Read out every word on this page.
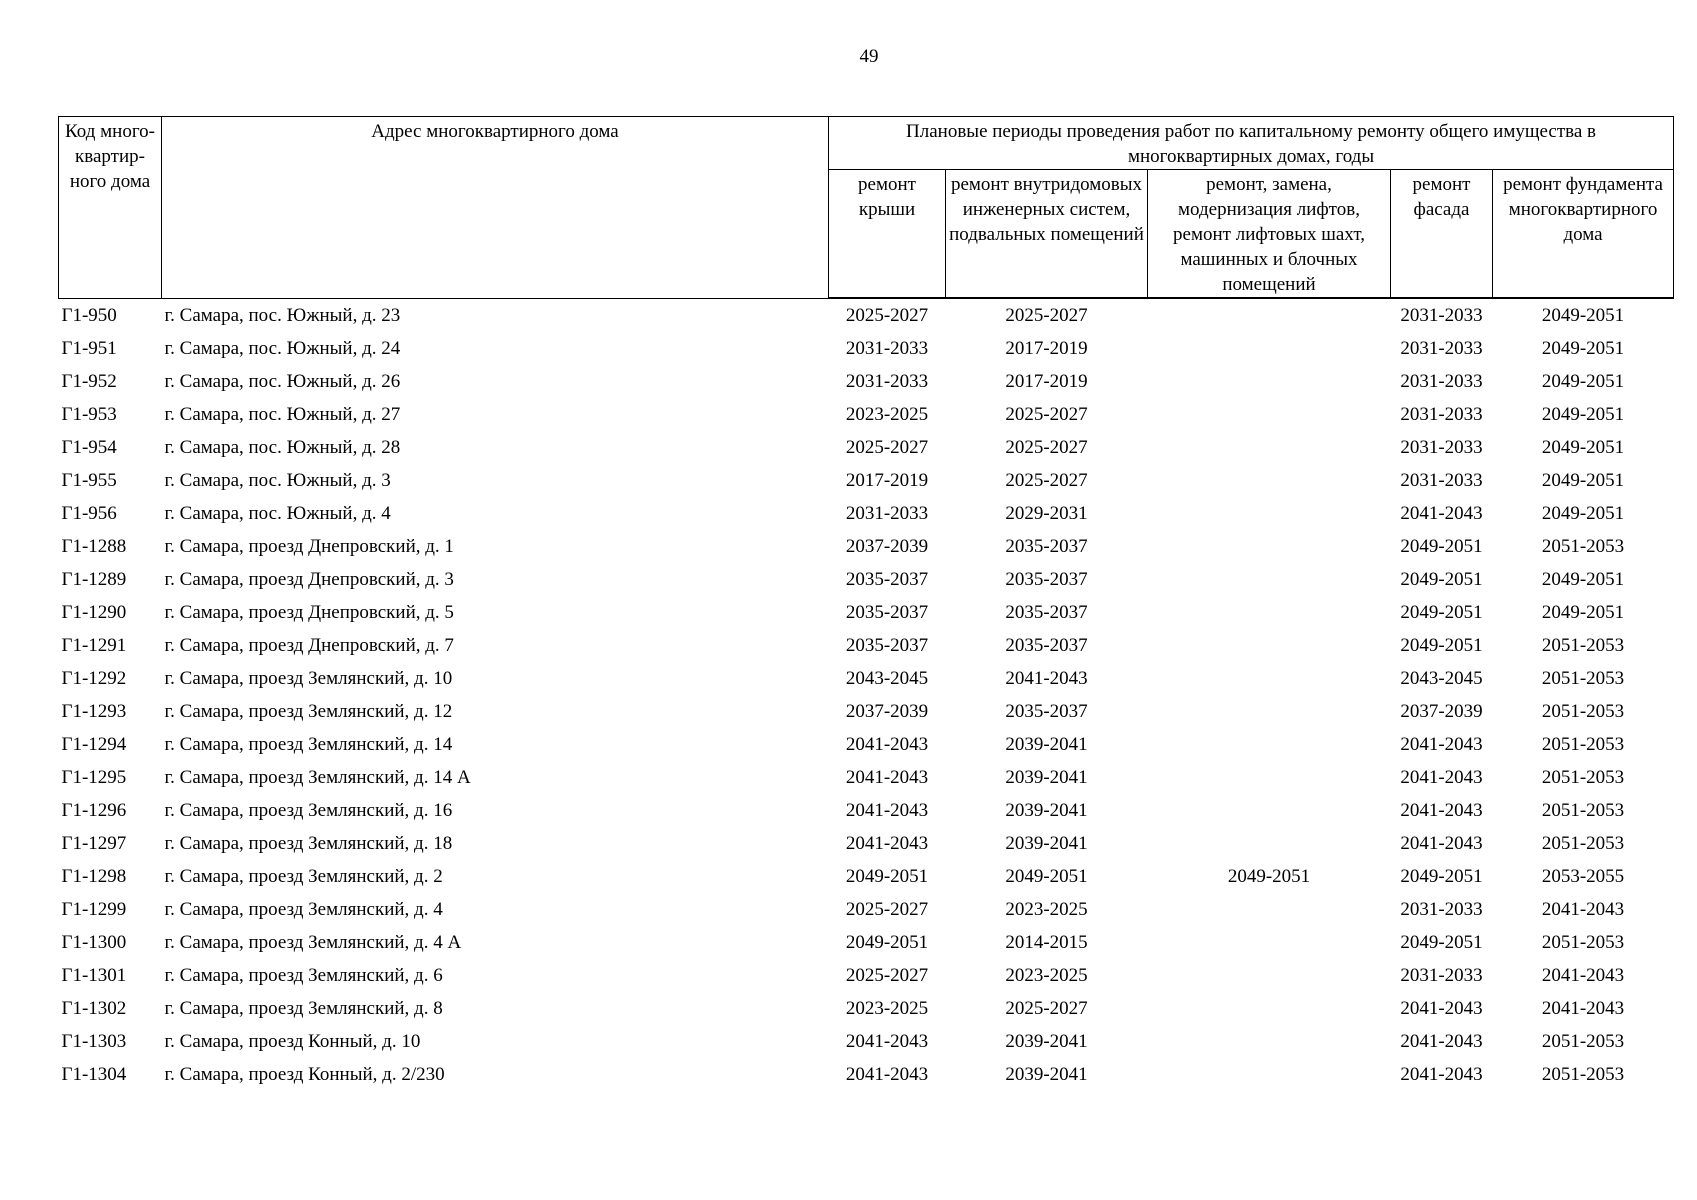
49
Код много-квартир-ного дома	Адрес многоквартирного дома	Плановые периоды проведения работ по капитальному ремонту общего имущества в многоквартирных домах, годы				
		ремонт крыши	ремонт внутридомовых инженерных систем, подвальных помещений	ремонт, замена, модернизация лифтов, ремонт лифтовых шахт, машинных и блочных помещений	ремонт фасада	ремонт фундамента многоквартирного дома
Г1-950	г. Самара, пос. Южный, д. 23	2025-2027	2025-2027		2031-2033	2049-2051
Г1-951	г. Самара, пос. Южный, д. 24	2031-2033	2017-2019		2031-2033	2049-2051
Г1-952	г. Самара, пос. Южный, д. 26	2031-2033	2017-2019		2031-2033	2049-2051
Г1-953	г. Самара, пос. Южный, д. 27	2023-2025	2025-2027		2031-2033	2049-2051
Г1-954	г. Самара, пос. Южный, д. 28	2025-2027	2025-2027		2031-2033	2049-2051
Г1-955	г. Самара, пос. Южный, д. 3	2017-2019	2025-2027		2031-2033	2049-2051
Г1-956	г. Самара, пос. Южный, д. 4	2031-2033	2029-2031		2041-2043	2049-2051
Г1-1288	г. Самара, проезд Днепровский, д. 1	2037-2039	2035-2037		2049-2051	2051-2053
Г1-1289	г. Самара, проезд Днепровский, д. 3	2035-2037	2035-2037		2049-2051	2049-2051
Г1-1290	г. Самара, проезд Днепровский, д. 5	2035-2037	2035-2037		2049-2051	2049-2051
Г1-1291	г. Самара, проезд Днепровский, д. 7	2035-2037	2035-2037		2049-2051	2051-2053
Г1-1292	г. Самара, проезд Землянский, д. 10	2043-2045	2041-2043		2043-2045	2051-2053
Г1-1293	г. Самара, проезд Землянский, д. 12	2037-2039	2035-2037		2037-2039	2051-2053
Г1-1294	г. Самара, проезд Землянский, д. 14	2041-2043	2039-2041		2041-2043	2051-2053
Г1-1295	г. Самара, проезд Землянский, д. 14 А	2041-2043	2039-2041		2041-2043	2051-2053
Г1-1296	г. Самара, проезд Землянский, д. 16	2041-2043	2039-2041		2041-2043	2051-2053
Г1-1297	г. Самара, проезд Землянский, д. 18	2041-2043	2039-2041		2041-2043	2051-2053
Г1-1298	г. Самара, проезд Землянский, д. 2	2049-2051	2049-2051	2049-2051	2049-2051	2053-2055
Г1-1299	г. Самара, проезд Землянский, д. 4	2025-2027	2023-2025		2031-2033	2041-2043
Г1-1300	г. Самара, проезд Землянский, д. 4 А	2049-2051	2014-2015		2049-2051	2051-2053
Г1-1301	г. Самара, проезд Землянский, д. 6	2025-2027	2023-2025		2031-2033	2041-2043
Г1-1302	г. Самара, проезд Землянский, д. 8	2023-2025	2025-2027		2041-2043	2041-2043
Г1-1303	г. Самара, проезд Конный, д. 10	2041-2043	2039-2041		2041-2043	2051-2053
Г1-1304	г. Самара, проезд Конный, д. 2/230	2041-2043	2039-2041		2041-2043	2051-2053
